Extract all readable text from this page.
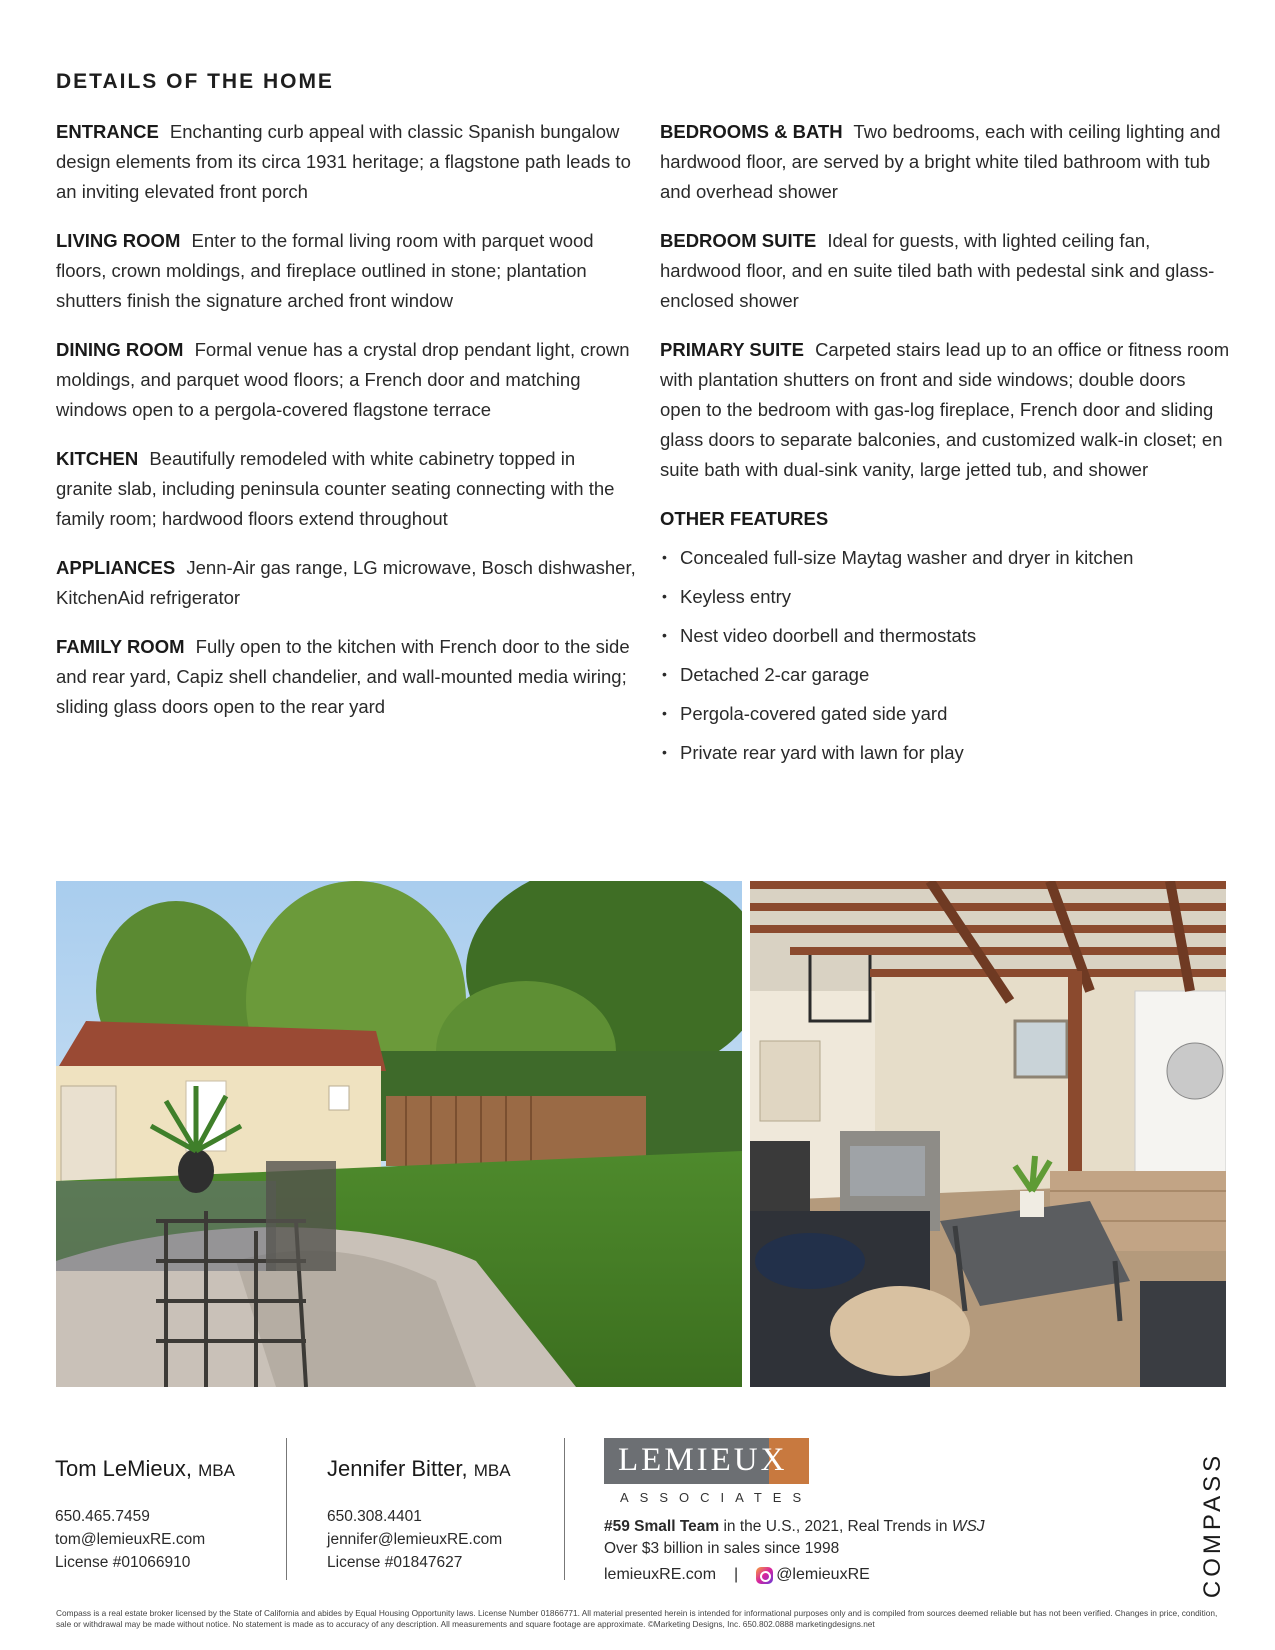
DETAILS OF THE HOME
ENTRANCE Enchanting curb appeal with classic Spanish bungalow design elements from its circa 1931 heritage; a flagstone path leads to an inviting elevated front porch
LIVING ROOM Enter to the formal living room with parquet wood floors, crown moldings, and fireplace outlined in stone; plantation shutters finish the signature arched front window
DINING ROOM Formal venue has a crystal drop pendant light, crown moldings, and parquet wood floors; a French door and matching windows open to a pergola-covered flagstone terrace
KITCHEN Beautifully remodeled with white cabinetry topped in granite slab, including peninsula counter seating connecting with the family room; hardwood floors extend throughout
APPLIANCES Jenn-Air gas range, LG microwave, Bosch dishwasher, KitchenAid refrigerator
FAMILY ROOM Fully open to the kitchen with French door to the side and rear yard, Capiz shell chandelier, and wall-mounted media wiring; sliding glass doors open to the rear yard
BEDROOMS & BATH Two bedrooms, each with ceiling lighting and hardwood floor, are served by a bright white tiled bathroom with tub and overhead shower
BEDROOM SUITE Ideal for guests, with lighted ceiling fan, hardwood floor, and en suite tiled bath with pedestal sink and glass-enclosed shower
PRIMARY SUITE Carpeted stairs lead up to an office or fitness room with plantation shutters on front and side windows; double doors open to the bedroom with gas-log fireplace, French door and sliding glass doors to separate balconies, and customized walk-in closet; en suite bath with dual-sink vanity, large jetted tub, and shower
OTHER FEATURES
• Concealed full-size Maytag washer and dryer in kitchen
• Keyless entry
• Nest video doorbell and thermostats
• Detached 2-car garage
• Pergola-covered gated side yard
• Private rear yard with lawn for play
Tom LeMieux, MBA
650.465.7459
tom@lemieuxRE.com
License #01066910
Jennifer Bitter, MBA
650.308.4401
jennifer@lemieuxRE.com
License #01847627
LEMIEUX
ASSOCIATES
#59 Small Team in the U.S., 2021, Real Trends in WSJ
Over $3 billion in sales since 1998
lemieuxRE.com | @lemieuxRE	COMPASS
Compass is a real estate broker licensed by the State of California and abides by Equal Housing Opportunity laws. License Number 01866771. All material presented herein is intended for informational purposes only and is compiled from sources deemed reliable but has not been verified. Changes in price, condition, sale or withdrawal may be made without notice. No statement is made as to accuracy of any description. All measurements and square footage are approximate. ©Marketing Designs, Inc. 650.802.0888 marketingdesigns.net
